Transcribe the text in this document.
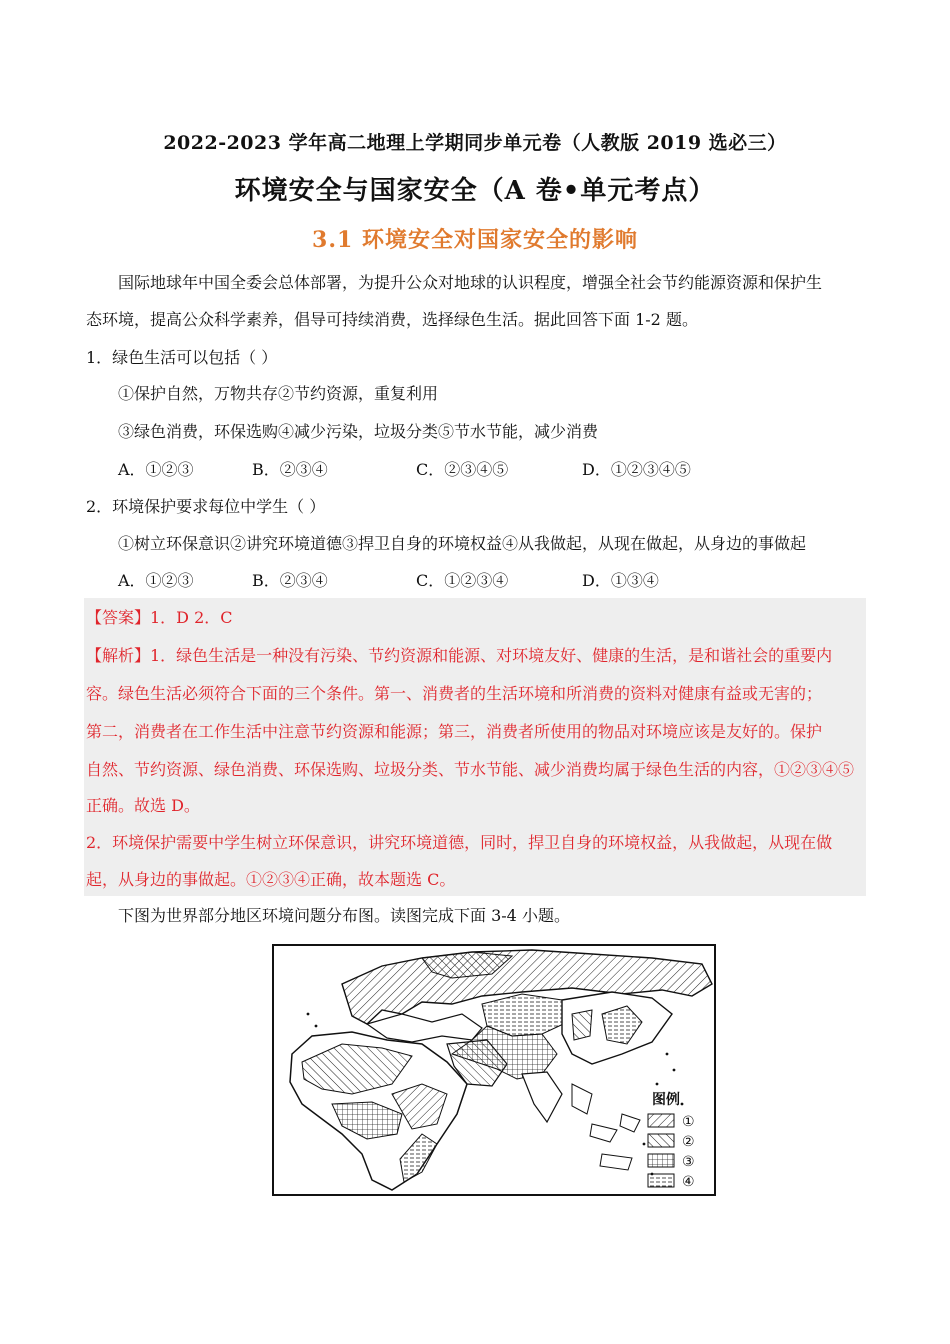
2022-2023 学年高二地理上学期同步单元卷（人教版 2019 选必三）
环境安全与国家安全（A 卷•单元考点）
3.1 环境安全对国家安全的影响
国际地球年中国全委会总体部署，为提升公众对地球的认识程度，增强全社会节约能源资源和保护生
态环境，提高公众科学素养，倡导可持续消费，选择绿色生活。据此回答下面 1-2 题。
1．绿色生活可以包括（ ）
①保护自然，万物共存②节约资源，重复利用
③绿色消费，环保选购④减少污染，垃圾分类⑤节水节能，减少消费
A．①②③	B．②③④	C．②③④⑤	D．①②③④⑤
2．环境保护要求每位中学生（ ）
①树立环保意识②讲究环境道德③捍卫自身的环境权益④从我做起，从现在做起，从身边的事做起
A．①②③	B．②③④	C．①②③④	D．①③④
【答案】1．D 2．C
【解析】1．绿色生活是一种没有污染、节约资源和能源、对环境友好、健康的生活，是和谐社会的重要内
容。绿色生活必须符合下面的三个条件。第一、消费者的生活环境和所消费的资料对健康有益或无害的；
第二，消费者在工作生活中注意节约资源和能源；第三，消费者所使用的物品对环境应该是友好的。保护
自然、节约资源、绿色消费、环保选购、垃圾分类、节水节能、减少消费均属于绿色生活的内容，①②③④⑤
正确。故选 D。
2．环境保护需要中学生树立环保意识，讲究环境道德，同时，捍卫自身的环境权益，从我做起，从现在做
起，从身边的事做起。①②③④正确，故本题选 C。
下图为世界部分地区环境问题分布图。读图完成下面 3-4 小题。
图例
①
②
③
④
